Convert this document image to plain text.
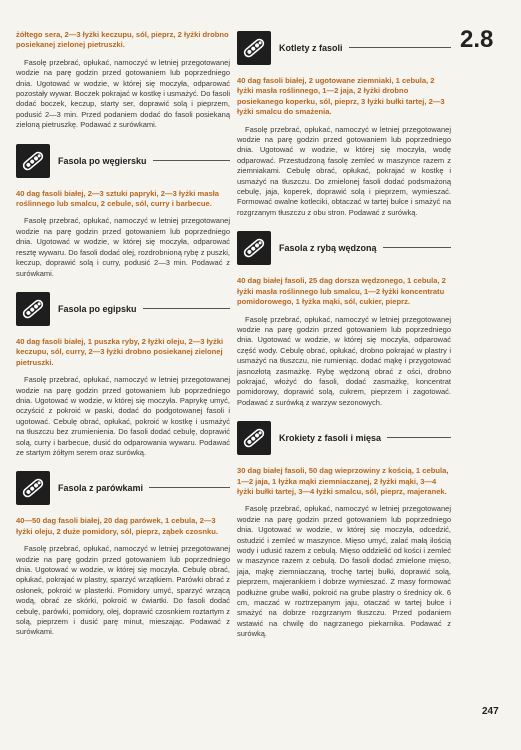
2.8

żółtego sera, 2—3 łyżki keczupu, sól, pieprz, 2 łyżki drobno posiekanej zielonej pietruszki.

Fasolę przebrać, opłukać, namoczyć w letniej przegotowanej wodzie na parę godzin przed gotowaniem lub poprzedniego dnia. Ugotować w wodzie, w której się moczyła, odparować pozostały wywar. Boczek pokrajać w kostkę i usmażyć. Do fasoli dodać boczek, keczup, starty ser, doprawić solą i pieprzem, podusić 2—3 min. Przed podaniem dodać do fasoli posiekaną zieloną pietruszkę. Podawać z surówkami.

Fasola po węgiersku

40 dag fasoli białej, 2—3 sztuki papryki, 2—3 łyżki masła roślinnego lub smalcu, 2 cebule, sól, curry i barbecue.

Fasolę przebrać, opłukać, namoczyć w letniej przegotowanej wodzie na parę godzin przed gotowaniem lub poprzedniego dnia. Ugotować w wodzie, w której się moczyła, odparować resztę wywaru. Do fasoli dodać olej, rozdrobnioną rybę z puszki, keczup, doprawić solą i curry, podusić 2—3 min. Podawać z surówkami.

Fasola po egipsku

40 dag fasoli białej, 1 puszka ryby, 2 łyżki oleju, 2—3 łyżki keczupu, sól, curry, 2—3 łyżki drobno posiekanej zielonej pietruszki.

Fasolę przebrać, opłukać, namoczyć w letniej przegotowanej wodzie na parę godzin przed gotowaniem lub poprzedniego dnia. Ugotować w wodzie, w której się moczyła. Paprykę umyć, oczyścić z pokroić w paski, dodać do podgotowanej fasoli i ugotować. Cebulę obrać, opłukać, pokroić w kostkę i usmażyć na tłuszczu bez zrumienienia. Do fasoli dodać cebulę, doprawić solą, curry i barbecue, dusić do odparowania wywaru. Podawać ze startym żółtym serem oraz surówką.

Fasola z parówkami

40—50 dag fasoli białej, 20 dag parówek, 1 cebula, 2—3 łyżki oleju, 2 duże pomidory, sól, pieprz, ząbek czosnku.

Fasolę przebrać, opłukać, namoczyć w letniej przegotowanej wodzie na parę godzin przed gotowaniem lub poprzedniego dnia. Ugotować w wodzie, w której się moczyła. Cebulę obrać, opłukać, pokrajać w plastry, sparzyć wrzątkiem. Parówki obrać z osłonek, pokroić w plasterki. Pomidory umyć, sparzyć wrzącą wodą, obrać ze skórki, pokroić w ćwiartki. Do fasoli dodać cebulę, parówki, pomidory, olej, doprawić czosnkiem roztartym z solą, pieprzem i dusić parę minut, mieszając. Podawać z surówkami.

Kotlety z fasoli

40 dag fasoli białej, 2 ugotowane ziemniaki, 1 cebula, 2 łyżki masła roślinnego, 1—2 jaja, 2 łyżki drobno posiekanego koperku, sól, pieprz, 3 łyżki bułki tartej, 2—3 łyżki smalcu do smażenia.

Fasolę przebrać, opłukać, namoczyć w letniej przegotowanej wodzie na parę godzin przed gotowaniem lub poprzedniego dnia. Ugotować w wodzie, w której się moczyła, wodę odparować. Przestudzoną fasolę zemleć w maszynce razem z ziemniakami. Cebulę obrać, opłukać, pokrajać w kostkę i usmażyć na tłuszczu. Do zmielonej fasoli dodać podsmażoną cebulę, jaja, koperek, doprawić solą i pieprzem, wymieszać. Formować owalne kotleciki, obtaczać w tartej bułce i smażyć na rozgrzanym tłuszczu z obu stron. Podawać z surówką.

Fasola z rybą wędzoną

40 dag białej fasoli, 25 dag dorsza wędzonego, 1 cebula, 2 łyżki masła roślinnego lub smalcu, 1—2 łyżki koncentratu pomidorowego, 1 łyżka mąki, sól, cukier, pieprz.

Fasolę przebrać, opłukać, namoczyć w letniej przegotowanej wodzie na parę godzin przed gotowaniem lub poprzedniego dnia. Ugotować w wodzie, w której się moczyła, odparować część wody. Cebulę obrać, opłukać, drobno pokrajać w plastry i usmażyć na tłuszczu, nie rumieniąc. dodać mąkę i przygotować jasnozłotą zasmażkę. Rybę wędzoną obrać z ości, drobno pokrajać, włożyć do fasoli, dodać zasmażkę, koncentrat pomidorowy, doprawić solą, cukrem, pieprzem i zagotować. Podawać z surówką z warzyw sezonowych.

Krokiety z fasoli i mięsa

30 dag białej fasoli, 50 dag wieprzowiny z kością, 1 cebula, 1—2 jaja, 1 łyżka mąki ziemniaczanej, 2 łyżki mąki, 3—4 łyżki bułki tartej, 3—4 łyżki smalcu, sól, pieprz, majeranek.

Fasolę przebrać, opłukać, namoczyć w letniej przegotowanej wodzie na parę godzin przed gotowaniem lub poprzedniego dnia. Ugotować w wodzie, w której się moczyła, odcedzić, ostudzić i zemleć w maszynce. Mięso umyć, zalać małą ilością wody i udusić razem z cebulą. Mięso oddzielić od kości i zemleć w maszynce razem z cebulą. Do fasoli dodać zmielone mięso, jaja, mąkę ziemniaczaną, trochę tartej bułki, doprawić solą, pieprzem, majerankiem i dobrze wymieszać. Z masy formować podłużne grube wałki, pokroić na grube plastry o średnicy ok. 6 cm, maczać w roztrzepanym jaju, otaczać w tartej bułce i smażyć na dobrze rozgrzanym tłuszczu. Przed podaniem wstawić na chwilę do nagrzanego piekarnika. Podawać z surówką.

247
